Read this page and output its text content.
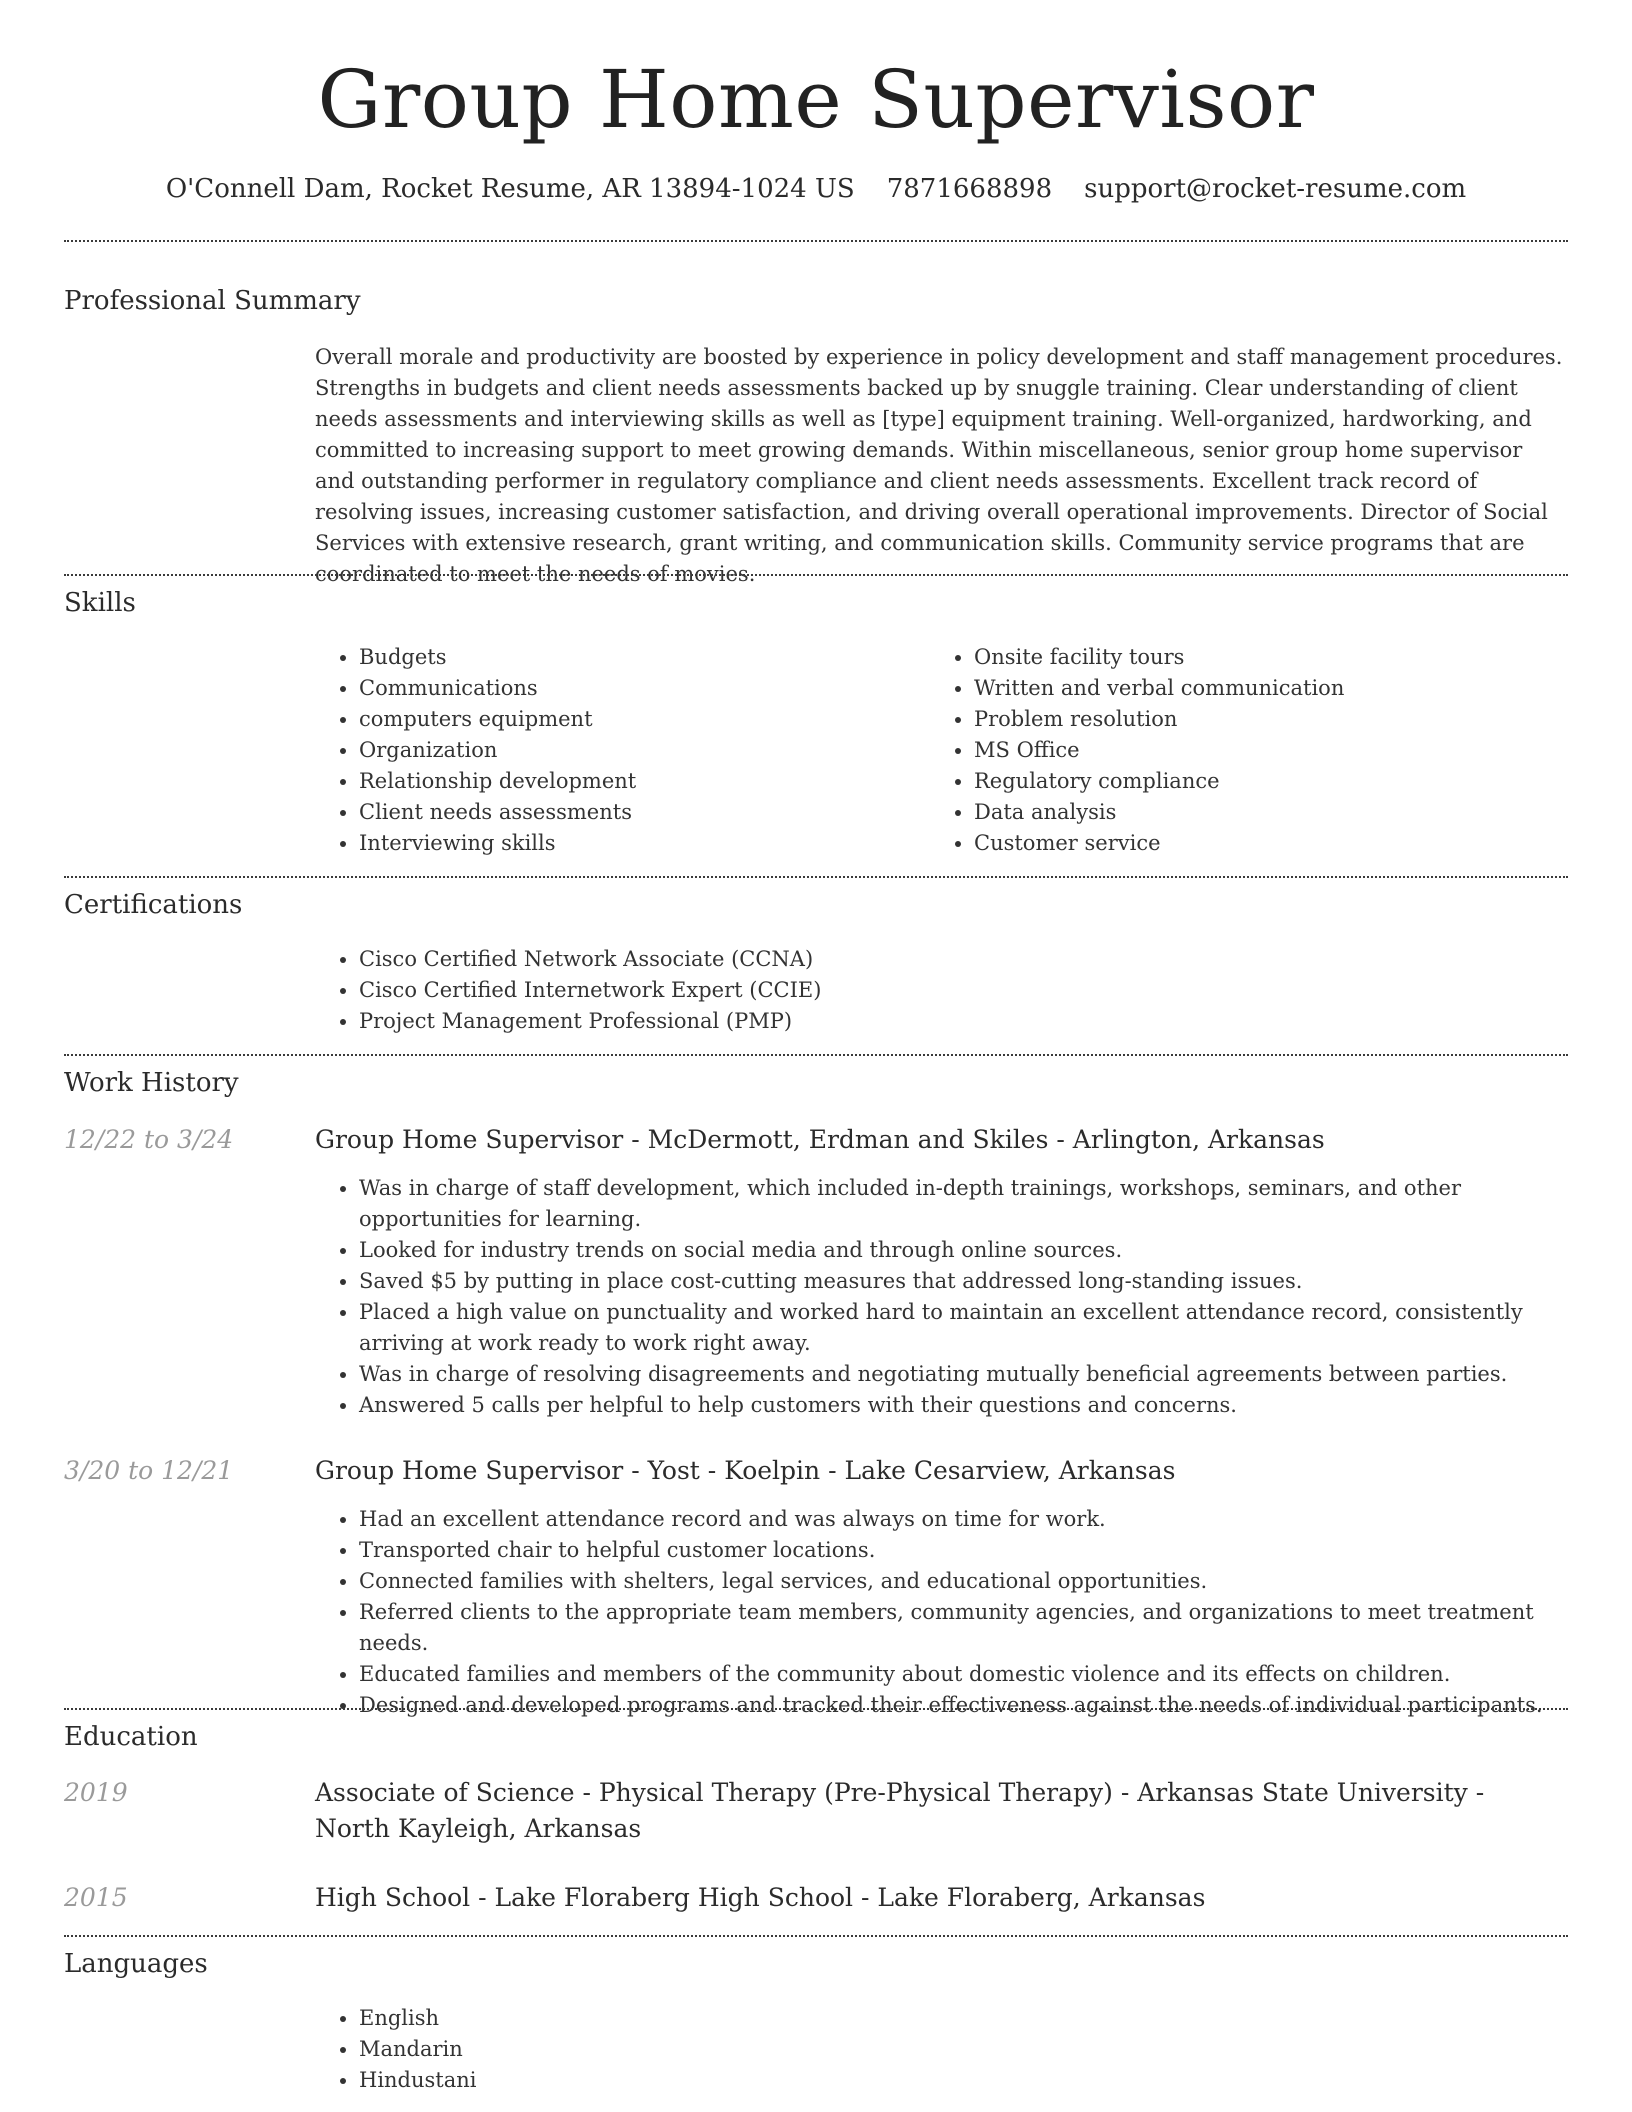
Group Home Supervisor
O'Connell Dam, Rocket Resume, AR 13894-1024 US 7871668898 support@rocket-resume.com
Professional Summary

Overall morale and productivity are boosted by experience in policy development and staff management procedures. Strengths in budgets and client needs assessments backed up by snuggle training. Clear understanding of client needs assessments and interviewing skills as well as [type] equipment training. Well-organized, hardworking, and committed to increasing support to meet growing demands. Within miscellaneous, senior group home supervisor and outstanding performer in regulatory compliance and client needs assessments. Excellent track record of resolving issues, increasing customer satisfaction, and driving overall operational improvements. Director of Social Services with extensive research, grant writing, and communication skills. Community service programs that are coordinated to meet the needs of movies.

Skills
• Budgets
• Communications
• computers equipment
• Organization
• Relationship development
• Client needs assessments
• Interviewing skills
• Onsite facility tours
• Written and verbal communication
• Problem resolution
• MS Office
• Regulatory compliance
• Data analysis
• Customer service
Certifications
• Cisco Certified Network Associate (CCNA)
• Cisco Certified Internetwork Expert (CCIE)
• Project Management Professional (PMP)
Work History
12/22 to 3/24	Group Home Supervisor - McDermott, Erdman and Skiles - Arlington, Arkansas
• Was in charge of staff development, which included in-depth trainings, workshops, seminars, and other opportunities for learning.
• Looked for industry trends on social media and through online sources.
• Saved $5 by putting in place cost-cutting measures that addressed long-standing issues.
• Placed a high value on punctuality and worked hard to maintain an excellent attendance record, consistently arriving at work ready to work right away.
• Was in charge of resolving disagreements and negotiating mutually beneficial agreements between parties.
• Answered 5 calls per helpful to help customers with their questions and concerns.
3/20 to 12/21	Group Home Supervisor - Yost - Koelpin - Lake Cesarview, Arkansas
• Had an excellent attendance record and was always on time for work.
• Transported chair to helpful customer locations.
• Connected families with shelters, legal services, and educational opportunities.
• Referred clients to the appropriate team members, community agencies, and organizations to meet treatment needs.
• Educated families and members of the community about domestic violence and its effects on children.
• Designed and developed programs and tracked their effectiveness against the needs of individual participants.
Education
2019	Associate of Science - Physical Therapy (Pre-Physical Therapy) - Arkansas State University - North Kayleigh, Arkansas
2015	High School - Lake Floraberg High School - Lake Floraberg, Arkansas
Languages
• English
• Mandarin
• Hindustani
